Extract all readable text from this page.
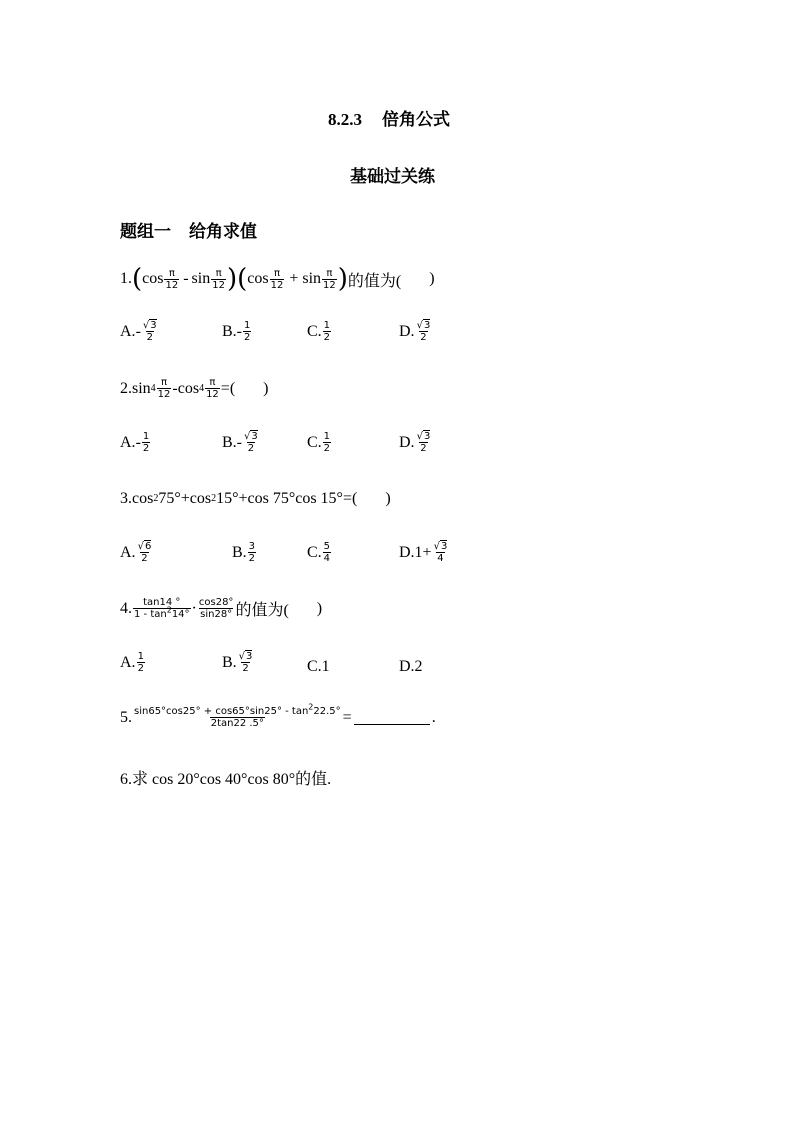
8.2.3 倍角公式
基础过关练
题组一 给角求值
1. ( $\cos \frac{\pi}{12}$ - $\sin \frac{\pi}{12}$ ) ( $\cos \frac{\pi}{12} + \sin \frac{\pi}{12}$ ) 的值为( )
A. - $\frac{√3}{2}$	B. - $\frac{1}{2}$	C. $\frac{1}{2}$	D. $\frac{√3}{2}$
2.sin $4 \frac{\pi}{12} -\cos$ $4 \frac{\pi}{12}$ =( )
A. - $\frac{1}{2}$	B. - $\frac{√3}{2}$	C. $\frac{1}{2}$	D. $\frac{√3}{2}$
3.cos 2 75°+cos 2 15°+cos 75°cos 15°=( )
A. $\frac{√6}{2}$	B. $\frac{3}{2}$	C. $\frac{5}{4}$	$D.1+ \frac{√3}{4}$
4. $\frac{\tan 14 ^\circ}{1 - \tan^214^\circ} \cdot \frac{\cos 28^\circ}{\sin 28^\circ}$ 的值为( )
A. $\frac{1}{2}$	B. $\frac{√3}{2}$	C.1	D.2
5. $\frac{\sin 65^\circ\cos 25^\circ + \cos 65^\circ\sin 25^\circ - \tan^222.5^\circ}{2\tan 22 .5^\circ}$ =	.
6.求 cos 20°cos 40°cos 80°的值.
